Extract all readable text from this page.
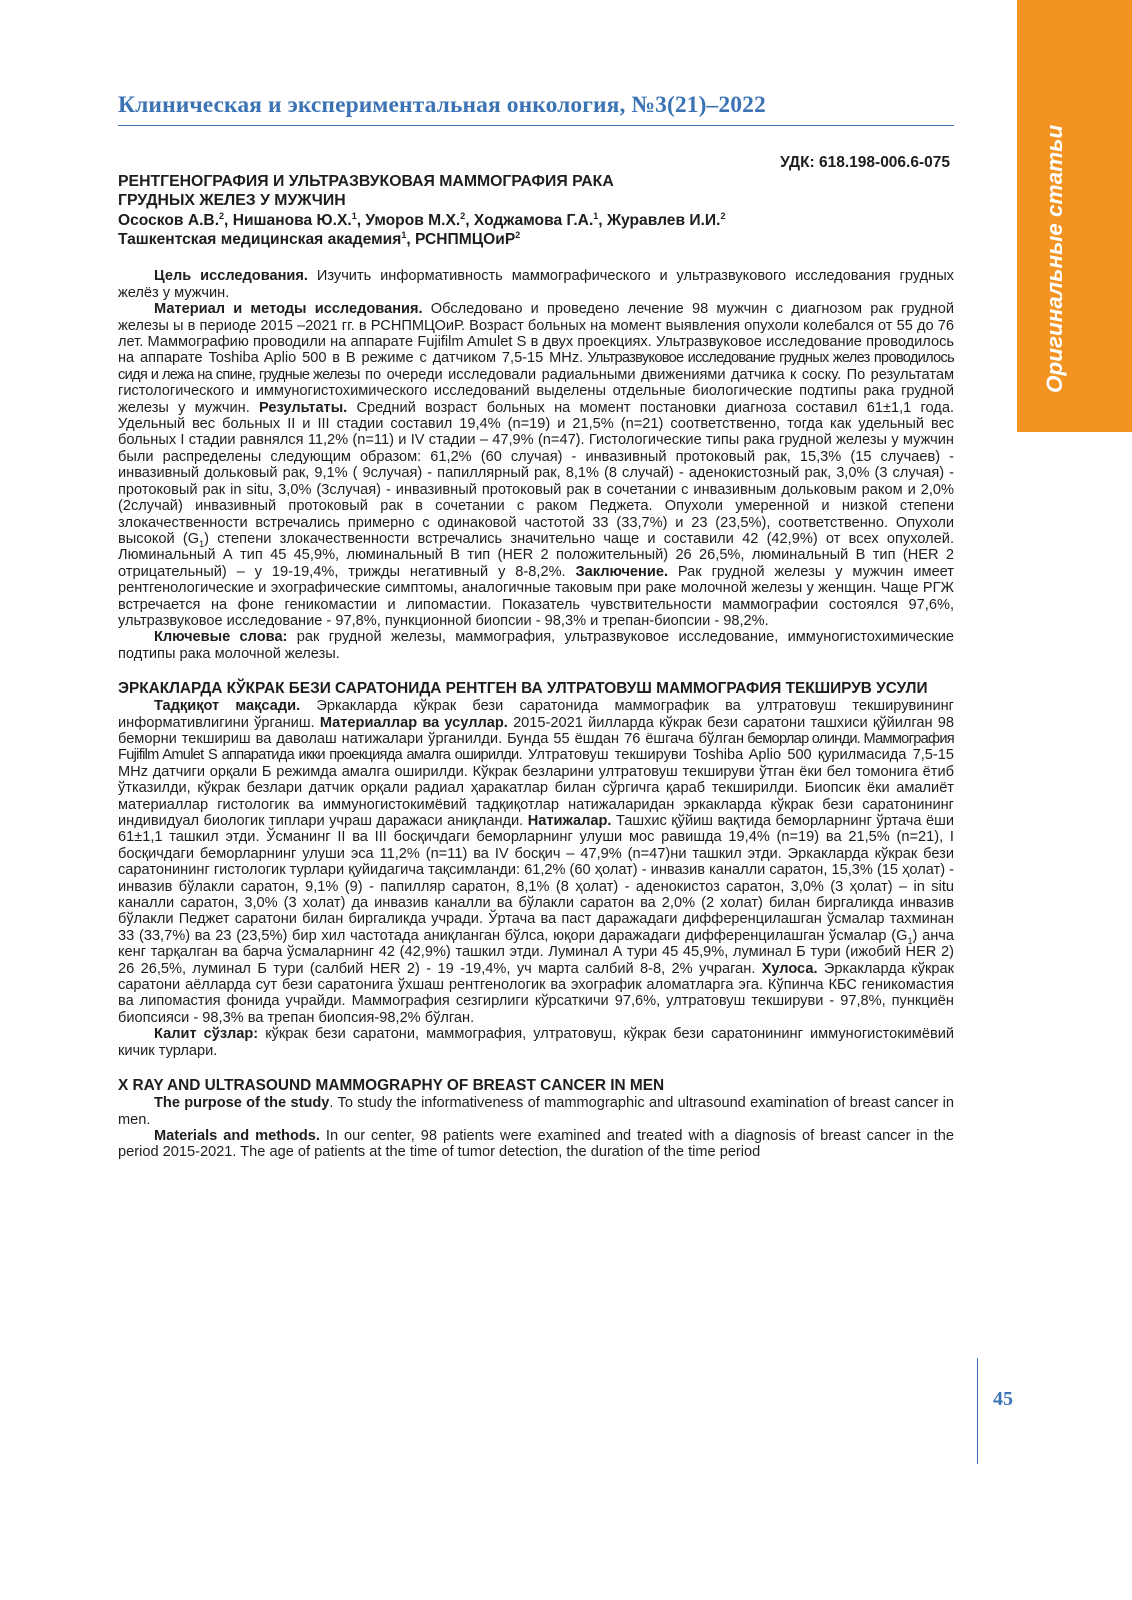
Клиническая и экспериментальная онкология, №3(21)–2022
Оригинальные статьи
УДК: 618.198-006.6-075
РЕНТГЕНОГРАФИЯ И УЛЬТРАЗВУКОВАЯ МАММОГРАФИЯ РАКА
ГРУДНЫХ ЖЕЛЕЗ У МУЖЧИН
Ососков А.В.$^2$, Нишанова Ю.Х.$^1$, Уморов М.Х.$^2$, Ходжамова Г.А.$^1$, Журавлев И.И.$^2$
Ташкентская медицинская академия$^1$, РСНПМЦОиР$^2$

Цель исследования. Изучить информативность маммографического и ультразвукового исследования грудных желёз у мужчин.

Материал и методы исследования. Обследовано и проведено лечение 98 мужчин с диагнозом рак грудной железы ы в периоде 2015 –2021 гг. в РСНПМЦОиР. Возраст больных на момент выявления опухоли колебался от 55 до 76 лет. Маммографию проводили на аппарате Fujifilm Amulet S в двух проекциях. Ультразвуковое исследование проводилось на аппарате Toshiba Aplio 500 в В режиме с датчиком 7,5-15 MHz. Ультразвуковое исследование грудных желез проводилось сидя и лежа на спине, грудные железы по очереди исследовали радиальными движениями датчика к соску. По результатам гистологического и иммуногистохимического исследований выделены отдельные биологические подтипы рака грудной железы у мужчин. Результаты. Средний возраст больных на момент постановки диагноза составил 61±1,1 года. Удельный вес больных II и III стадии составил 19,4% (n=19) и 21,5% (n=21) соответственно, тогда как удельный вес больных I стадии равнялся 11,2% (n=11) и IV стадии – 47,9% (n=47). Гистологические типы рака грудной железы у мужчин были распределены следующим образом: 61,2% (60 случая) - инвазивный протоковый рак, 15,3% (15 случаев) - инвазивный дольковый рак, 9,1% ( 9случая) - папиллярный рак, 8,1% (8 случай) - аденокистозный рак, 3,0% (3 случая) - протоковый рак in situ, 3,0% (3случая) - инвазивный протоковый рак в сочетании с инвазивным дольковым раком и 2,0% (2случай) инвазивный протоковый рак в сочетании с раком Педжета. Опухоли умеренной и низкой степени злокачественности встречались примерно с одинаковой частотой 33 (33,7%) и 23 (23,5%), соответственно. Опухоли высокой $(G_1)$ степени злокачественности встречались значительно чаще и составили 42 (42,9%) от всех опухолей. Люминальный А тип 45 45,9%, люминальный В тип (HER 2 положительный) 26 26,5%, люминальный В тип (HER 2 отрицательный) – у 19-19,4%, трижды негативный у 8-8,2%. Заключение. Рак грудной железы у мужчин имеет рентгенологические и эхографические симптомы, аналогичные таковым при раке молочной железы у женщин. Чаще РГЖ встречается на фоне геникомастии и липомастии. Показатель чувствительности маммографии состоялся 97,6%, ультразвуковое исследование - 97,8%, пункционной биопсии - 98,3% и трепан-биопсии - 98,2%.

Ключевые слова: рак грудной железы, маммография, ультразвуковое исследование, иммуногистохимические подтипы рака молочной железы.

ЭРКАКЛАРДА КЎКРАК БЕЗИ САРАТОНИДА РЕНТГЕН ВА УЛТРАТОВУШ МАММОГРАФИЯ ТЕКШИРУВ УСУЛИ

Тадқиқот мақсади. Эркакларда кўкрак бези саратонида маммографик ва ултратовуш текширувининг информативлигини ўрганиш. Материаллар ва усуллар. 2015-2021 йилларда кўкрак бези саратони ташхиси қўйилган 98 беморни текшириш ва даволаш натижалари ўрганилди. Бунда 55 ёшдан 76 ёшгача бўлган беморлар олинди. Маммография Fujifilm Amulet S аппаратида икки проекцияда амалга оширилди. Ултратовуш текшируви Toshiba Aplio 500 қурилмасида 7,5-15 MHz датчиги орқали Б режимда амалга оширилди. Кўкрак безларини ултратовуш текшируви ўтган ёки бел томонига ётиб ўтказилди, кўкрак безлари датчик орқали радиал ҳаракатлар билан сўргичга қараб текширилди. Биопсик ёки амалиёт материаллар гистологик ва иммуногистокимёвий тадқиқотлар натижаларидан эркакларда кўкрак бези саратонининг индивидуал биологик типлари учраш даражаси аниқланди. Натижалар. Ташхис қўйиш вақтида беморларнинг ўртача ёши 61±1,1 ташкил этди. Ўсманинг II ва III босқичдаги беморларнинг улуши мос равишда 19,4% (n=19) ва 21,5% (n=21), I босқичдаги беморларнинг улуши эса 11,2% (n=11) ва IV босқич – 47,9% (n=47)ни ташкил этди. Эркакларда кўкрак бези саратонининг гистологик турлари қуйидагича тақсимланди: 61,2% (60 ҳолат) - инвазив каналли саратон, 15,3% (15 ҳолат) - инвазив бўлакли саратон, 9,1% (9) - папилляр саратон, 8,1% (8 ҳолат) - аденокистоз саратон, 3,0% (3 ҳолат) – in situ каналли саратон, 3,0% (3 холат) да инвазив каналли ва бўлакли саратон ва 2,0% (2 холат) билан биргаликда инвазив бўлакли Педжет саратони билан биргаликда учради. Ўртача ва паст даражадаги дифференцилашган ўсмалар тахминан 33 (33,7%) ва 23 (23,5%) бир хил частотада аниқланган бўлса, юқори даражадаги дифференцилашган ўсмалар $(G_1)$ анча кенг тарқалган ва барча ўсмаларнинг 42 (42,9%) ташкил этди. Луминал А тури 45 45,9%, луминал Б тури (ижобий HER 2) 26 26,5%, луминал Б тури (салбий HER 2) - 19 -19,4%, уч марта салбий 8-8, 2% учраган. Хулоса. Эркакларда кўкрак саратони аёлларда сут бези саратонига ўхшаш рентгенологик ва эхографик аломатларга эга. Кўпинча КБС геникомастия ва липомастия фонида учрайди. Маммография сезгирлиги кўрсаткичи 97,6%, ултратовуш текшируви - 97,8%, пункциён биопсияси - 98,3% ва трепан биопсия-98,2% бўлган.

Калит сўзлар: кўкрак бези саратони, маммография, ултратовуш, кўкрак бези саратонининг иммуногистокимёвий кичик турлари.

X RAY AND ULTRASOUND MAMMOGRAPHY OF BREAST CANCER IN MEN

The purpose of the study. To study the informativeness of mammographic and ultrasound examination of breast cancer in men.

Materials and methods. In our center, 98 patients were examined and treated with a diagnosis of breast cancer in the period 2015-2021. The age of patients at the time of tumor detection, the duration of the time period

45
